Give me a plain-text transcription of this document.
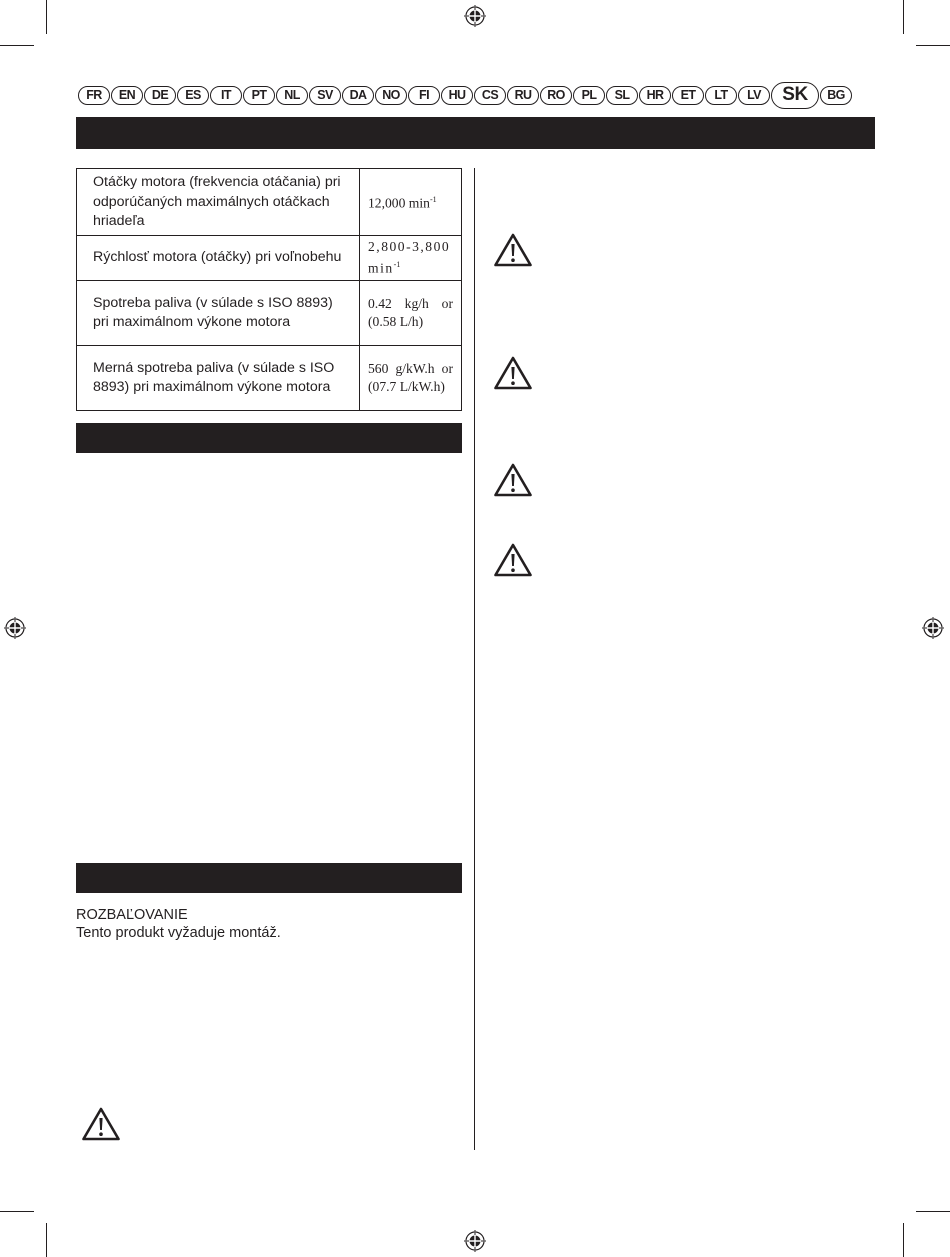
FR	EN	DE	ES	IT	PT	NL	SV	DA	NO	FI	HU	CS	RU	RO	PL	SL	HR	ET	LT	LV	SK	BG
Otáčky motora (frekvencia otáčania) pri odporúčaných maximálnych otáčkach hriadeľa	12,000 $\min^{-1}$
Rýchlosť motora (otáčky) pri voľnobehu	2,800-3,800 $\min^{-1}$
Spotreba paliva (v súlade s ISO 8893) pri maximálnom výkone motora	0.42 kg/h or (0.58 L/h)
Merná spotreba paliva (v súlade s ISO 8893) pri maximálnom výkone motora	560 g/kW.h or (07.7 L/kW.h)
ROZBAĽOVANIE
Tento produkt vyžaduje montáž.
